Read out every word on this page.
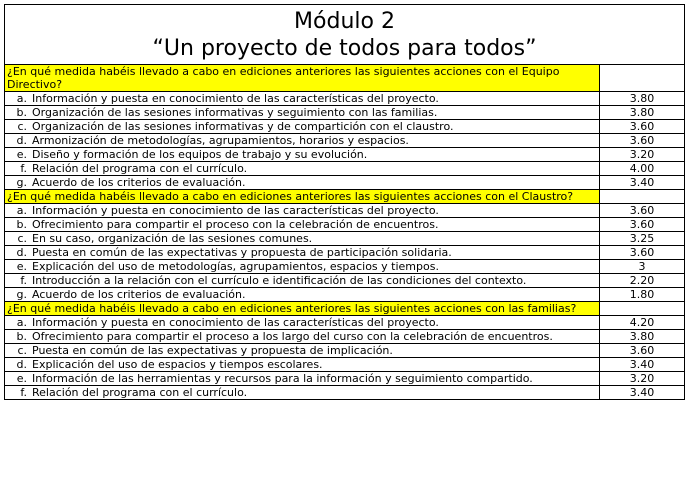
Módulo 2
“Un proyecto de todos para todos”	

¿En qué medida habéis llevado a cabo en ediciones anteriores las siguientes acciones con el Equipo Directivo?	

a. Información y puesta en conocimiento de las características del proyecto.	3.80

b. Organización de las sesiones informativas y seguimiento con las familias.	3.80

c. Organización de las sesiones informativas y de compartición con el claustro.	3.60

d. Armonización de metodologías, agrupamientos, horarios y espacios.	3.60

e. Diseño y formación de los equipos de trabajo y su evolución.	3.20

f. Relación del programa con el currículo.	4.00

g. Acuerdo de los criterios de evaluación.	3.40
¿En qué medida habéis llevado a cabo en ediciones anteriores las siguientes acciones con el Claustro?	

a. Información y puesta en conocimiento de las características del proyecto.	3.60

b. Ofrecimiento para compartir el proceso con la celebración de encuentros.	3.60

c. En su caso, organización de las sesiones comunes.	3.25

d. Puesta en común de las expectativas y propuesta de participación solidaria.	3.60

e. Explicación del uso de metodologías, agrupamientos, espacios y tiempos.	3

f. Introducción a la relación con el currículo e identificación de las condiciones del contexto.	2.20

g. Acuerdo de los criterios de evaluación.	1.80
¿En qué medida habéis llevado a cabo en ediciones anteriores las siguientes acciones con las familias?	

a. Información y puesta en conocimiento de las características del proyecto.	4.20

b. Ofrecimiento para compartir el proceso a los largo del curso con la celebración de encuentros.	3.80

c. Puesta en común de las expectativas y propuesta de implicación.	3.60

d. Explicación del uso de espacios y tiempos escolares.	3.40

e. Información de las herramientas y recursos para la información y seguimiento compartido.	3.20

f. Relación del programa con el currículo.	3.40
